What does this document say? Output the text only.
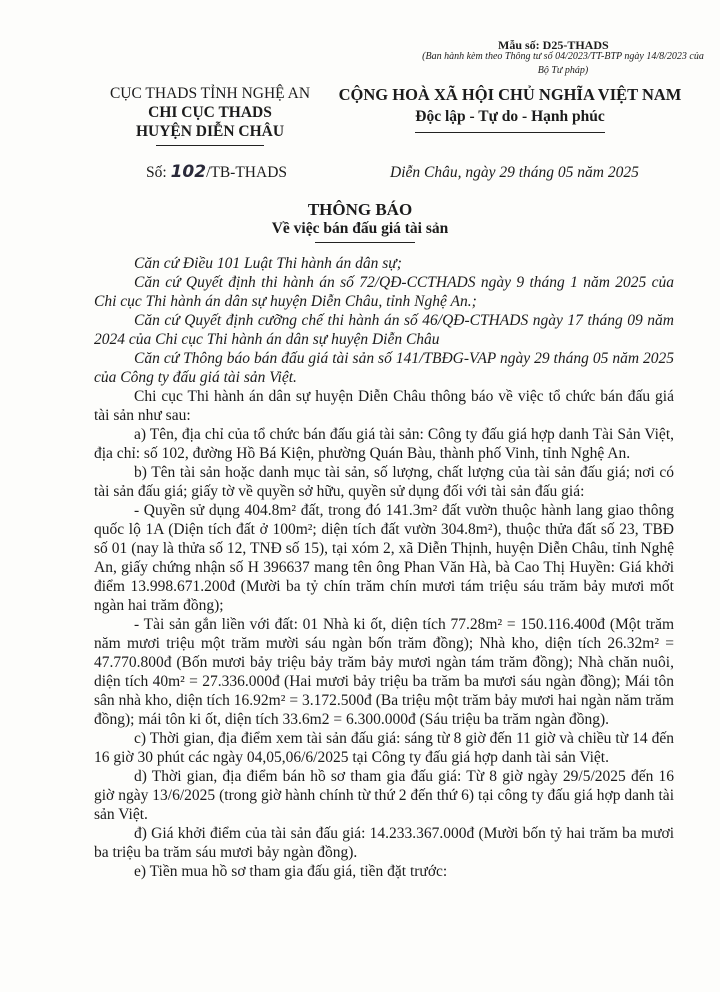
Mẫu số: D25-THADS
(Ban hành kèm theo Thông tư số 04/2023/TT-BTP ngày 14/8/2023 của Bộ Tư pháp)
CỤC THADS TỈNH NGHỆ AN
CHI CỤC THADS
HUYỆN DIỄN CHÂU
CỘNG HOÀ XÃ HỘI CHỦ NGHĨA VIỆT NAM
Độc lập - Tự do - Hạnh phúc
Số: 102/TB-THADS	Diễn Châu, ngày 29 tháng 05 năm 2025
THÔNG BÁO
Về việc bán đấu giá tài sản

Căn cứ Điều 101 Luật Thi hành án dân sự;

Căn cứ Quyết định thi hành án số 72/QĐ-CCTHADS ngày 9 tháng 1 năm 2025 của Chi cục Thi hành án dân sự huyện Diễn Châu, tỉnh Nghệ An.;

Căn cứ Quyết định cưỡng chế thi hành án số 46/QĐ-CTHADS ngày 17 tháng 09 năm 2024 của Chi cục Thi hành án dân sự huyện Diễn Châu

Căn cứ Thông báo bán đấu giá tài sản số 141/TBĐG-VAP ngày 29 tháng 05 năm 2025 của Công ty đấu giá tài sản Việt.

Chi cục Thi hành án dân sự huyện Diễn Châu thông báo về việc tổ chức bán đấu giá tài sản như sau:

a) Tên, địa chỉ của tổ chức bán đấu giá tài sản: Công ty đấu giá hợp danh Tài Sản Việt, địa chỉ: số 102, đường Hồ Bá Kiện, phường Quán Bàu, thành phố Vinh, tỉnh Nghệ An.

b) Tên tài sản hoặc danh mục tài sản, số lượng, chất lượng của tài sản đấu giá; nơi có tài sản đấu giá; giấy tờ về quyền sở hữu, quyền sử dụng đối với tài sản đấu giá:

- Quyền sử dụng 404.8m² đất, trong đó 141.3m² đất vườn thuộc hành lang giao thông quốc lộ 1A (Diện tích đất ở 100m²; diện tích đất vườn 304.8m²), thuộc thửa đất số 23, TBĐ số 01 (nay là thửa số 12, TNĐ số 15), tại xóm 2, xã Diễn Thịnh, huyện Diễn Châu, tỉnh Nghệ An, giấy chứng nhận số H 396637 mang tên ông Phan Văn Hà, bà Cao Thị Huyền: Giá khởi điểm 13.998.671.200đ (Mười ba tỷ chín trăm chín mươi tám triệu sáu trăm bảy mươi mốt ngàn hai trăm đồng);

- Tài sản gắn liền với đất: 01 Nhà ki ốt, diện tích 77.28m² = 150.116.400đ (Một trăm năm mươi triệu một trăm mười sáu ngàn bốn trăm đồng); Nhà kho, diện tích 26.32m² = 47.770.800đ (Bốn mươi bảy triệu bảy trăm bảy mươi ngàn tám trăm đồng); Nhà chăn nuôi, diện tích 40m² = 27.336.000đ (Hai mươi bảy triệu ba trăm ba mươi sáu ngàn đồng); Mái tôn sân nhà kho, diện tích 16.92m² = 3.172.500đ (Ba triệu một trăm bảy mươi hai ngàn năm trăm đồng); mái tôn ki ốt, diện tích 33.6m2 = 6.300.000đ (Sáu triệu ba trăm ngàn đồng).

c) Thời gian, địa điểm xem tài sản đấu giá: sáng từ 8 giờ đến 11 giờ và chiều từ 14 đến 16 giờ 30 phút các ngày 04,05,06/6/2025 tại Công ty đấu giá hợp danh tài sản Việt.

d) Thời gian, địa điểm bán hồ sơ tham gia đấu giá: Từ 8 giờ ngày 29/5/2025 đến 16 giờ ngày 13/6/2025 (trong giờ hành chính từ thứ 2 đến thứ 6) tại công ty đấu giá hợp danh tài sản Việt.

đ) Giá khởi điểm của tài sản đấu giá: 14.233.367.000đ (Mười bốn tỷ hai trăm ba mươi ba triệu ba trăm sáu mươi bảy ngàn đồng).

e) Tiền mua hồ sơ tham gia đấu giá, tiền đặt trước:
